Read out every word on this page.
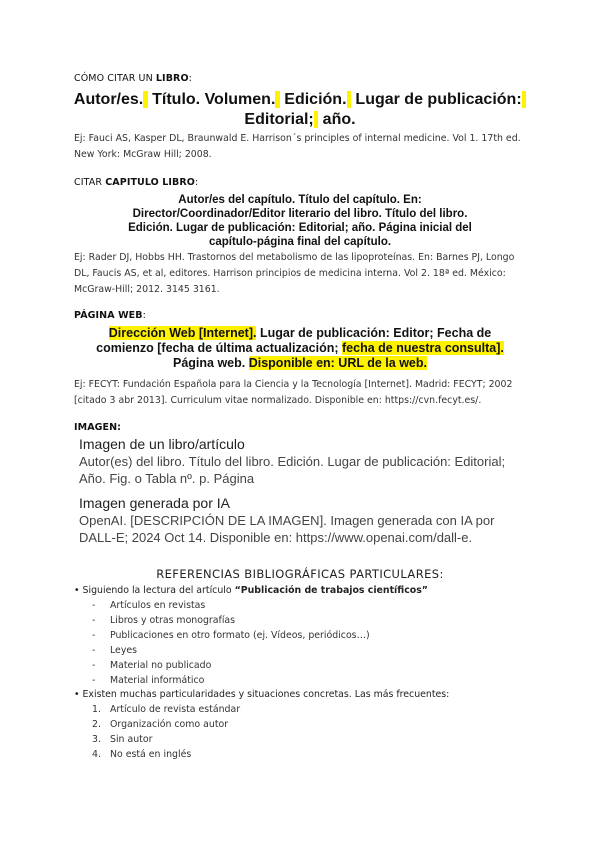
CÓMO CITAR UN LIBRO:
Autor/es.  Título. Volumen.  Edición.  Lugar de publicación:
Editorial;  año.
Ej: Fauci AS, Kasper DL, Braunwald E. Harrison´s principles of internal medicine. Vol 1. 17th ed.
New York: McGraw Hill; 2008.
CITAR CAPITULO LIBRO:
Autor/es del capítulo. Título del capítulo. En:
Director/Coordinador/Editor literario del libro. Título del libro.
Edición. Lugar de publicación: Editorial; año. Página inicial del
capítulo-página final del capítulo.
Ej: Rader DJ, Hobbs HH. Trastornos del metabolismo de las lipoproteínas. En: Barnes PJ, Longo
DL, Faucis AS, et al, editores. Harrison principios de medicina interna. Vol 2. 18ª ed. México:
McGraw-Hill; 2012. 3145 3161.
PÁGINA WEB:
Dirección Web [Internet]. Lugar de publicación: Editor; Fecha de
comienzo [fecha de última actualización; fecha de nuestra consulta].
Página web. Disponible en: URL de la web.
Ej: FECYT: Fundación Española para la Ciencia y la Tecnología [Internet]. Madrid: FECYT; 2002
[citado 3 abr 2013]. Curriculum vitae normalizado. Disponible en: https://cvn.fecyt.es/.
IMAGEN:
Imagen de un libro/artículo
Autor(es) del libro. Título del libro. Edición. Lugar de publicación: Editorial;
Año. Fig. o Tabla nº. p. Página
Imagen generada por IA
OpenAI. [DESCRIPCIÓN DE LA IMAGEN]. Imagen generada con IA por
DALL-E; 2024 Oct 14. Disponible en: https://www.openai.com/dall-e.
REFERENCIAS BIBLIOGRÁFICAS PARTICULARES:
• Siguiendo la lectura del artículo “Publicación de trabajos científicos”
- Artículos en revistas
- Libros y otras monografías
- Publicaciones en otro formato (ej. Vídeos, periódicos…)
- Leyes
- Material no publicado
- Material informático
• Existen muchas particularidades y situaciones concretas. Las más frecuentes:
1. Artículo de revista estándar
2. Organización como autor
3. Sin autor
4. No está en inglés
